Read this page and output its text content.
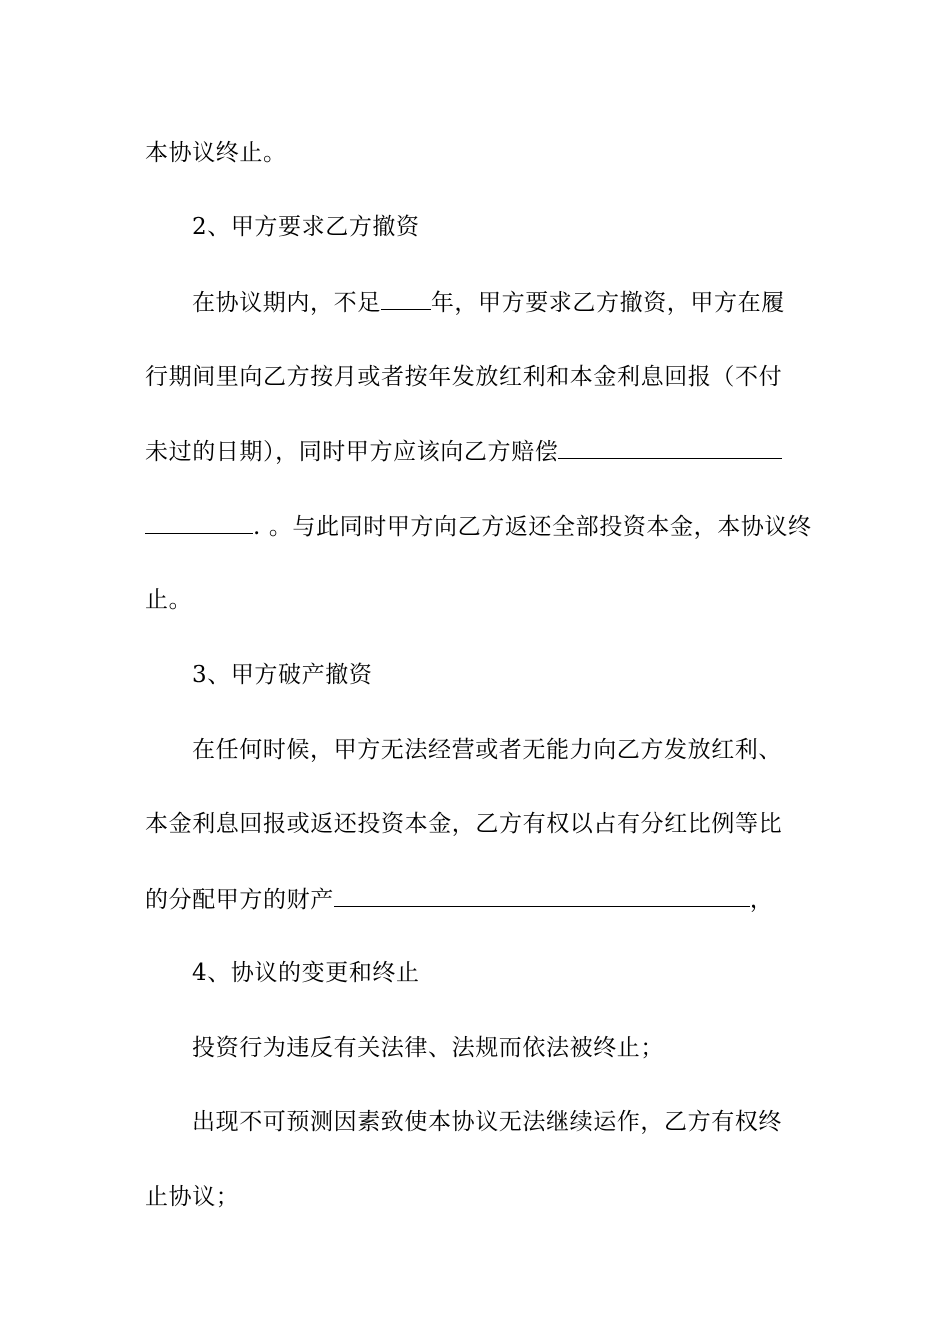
本协议终止。
2、甲方要求乙方撤资
在协议期内，不足 年，甲方要求乙方撤资，甲方在履
行期间里向乙方按月或者按年发放红利和本金利息回报（不付
未过的日期），同时甲方应该向乙方赔偿
. 。与此同时甲方向乙方返还全部投资本金，本协议终
止。
3、甲方破产撤资
在任何时候，甲方无法经营或者无能力向乙方发放红利、
本金利息回报或返还投资本金，乙方有权以占有分红比例等比
的分配甲方的财产	，
4、协议的变更和终止
投资行为违反有关法律、法规而依法被终止；
出现不可预测因素致使本协议无法继续运作，乙方有权终
止协议；
